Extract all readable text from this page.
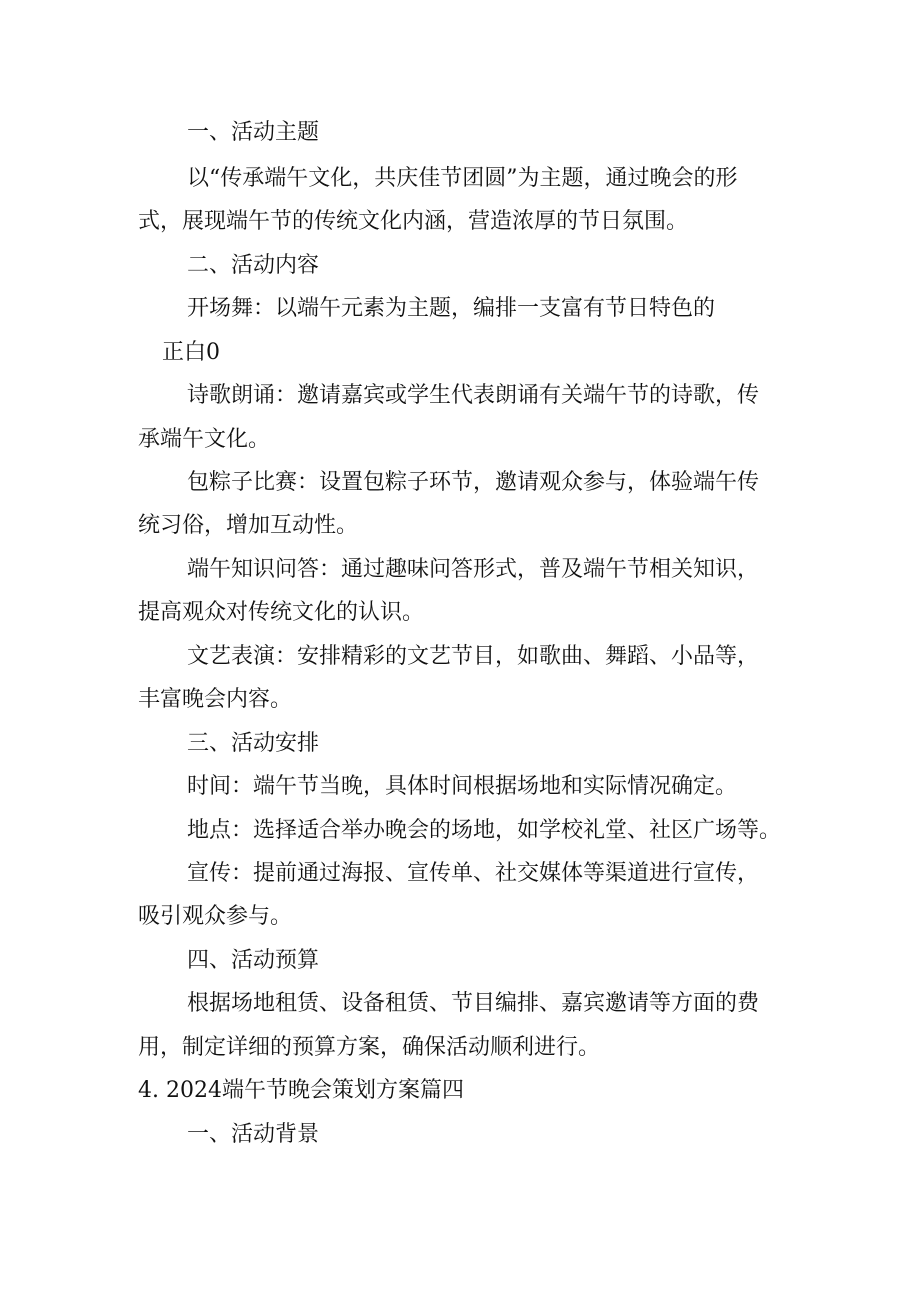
一、活动主题

以“传承端午文化，共庆佳节团圆”为主题，通过晚会的形

式，展现端午节的传统文化内涵，营造浓厚的节日氛围。

二、活动内容

开场舞：以端午元素为主题，编排一支富有节日特色的

正白0

诗歌朗诵：邀请嘉宾或学生代表朗诵有关端午节的诗歌，传

承端午文化。

包粽子比赛：设置包粽子环节，邀请观众参与，体验端午传

统习俗，增加互动性。

端午知识问答：通过趣味问答形式，普及端午节相关知识，

提高观众对传统文化的认识。

文艺表演：安排精彩的文艺节目，如歌曲、舞蹈、小品等，

丰富晚会内容。

三、活动安排

时间：端午节当晚，具体时间根据场地和实际情况确定。

地点：选择适合举办晚会的场地，如学校礼堂、社区广场等。

宣传：提前通过海报、宣传单、社交媒体等渠道进行宣传，

吸引观众参与。

四、活动预算

根据场地租赁、设备租赁、节目编排、嘉宾邀请等方面的费

用，制定详细的预算方案，确保活动顺利进行。

4. 2024端午节晚会策划方案篇四

一、活动背景
